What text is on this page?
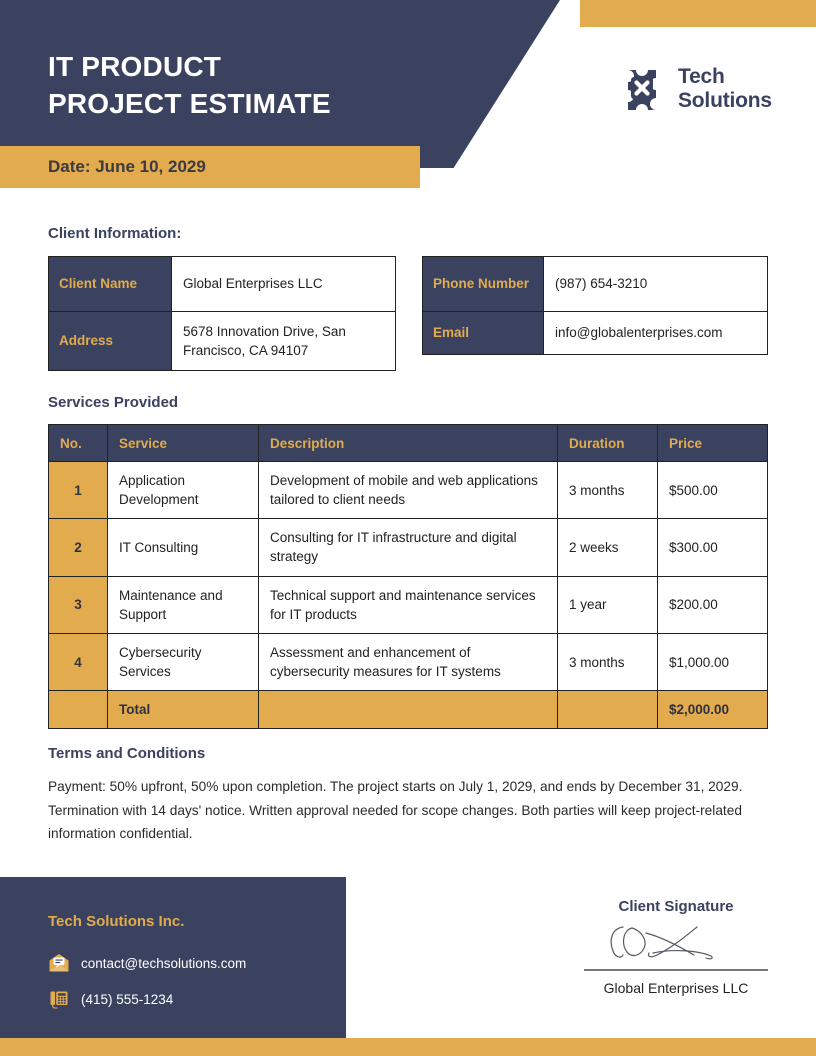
IT PRODUCT
PROJECT ESTIMATE
Date: June 10, 2029
Tech
Solutions
Client Information:
Client Name	Global Enterprises LLC
Address	5678 Innovation Drive, San Francisco, CA 94107
Phone Number	(987) 654-3210
Email	info@globalenterprises.com
Services Provided
No.	Service	Description	Duration	Price
1	Application Development	Development of mobile and web applications tailored to client needs	3 months	$500.00
2	IT Consulting	Consulting for IT infrastructure and digital strategy	2 weeks	$300.00
3	Maintenance and Support	Technical support and maintenance services for IT products	1 year	$200.00
4	Cybersecurity Services	Assessment and enhancement of cybersecurity measures for IT systems	3 months	$1,000.00
	Total			$2,000.00
Terms and Conditions
Payment: 50% upfront, 50% upon completion. The project starts on July 1, 2029, and ends by December 31, 2029. Termination with 14 days' notice. Written approval needed for scope changes. Both parties will keep project-related information confidential.
Tech Solutions Inc.
contact@techsolutions.com
(415) 555-1234
Client Signature
Global Enterprises LLC
